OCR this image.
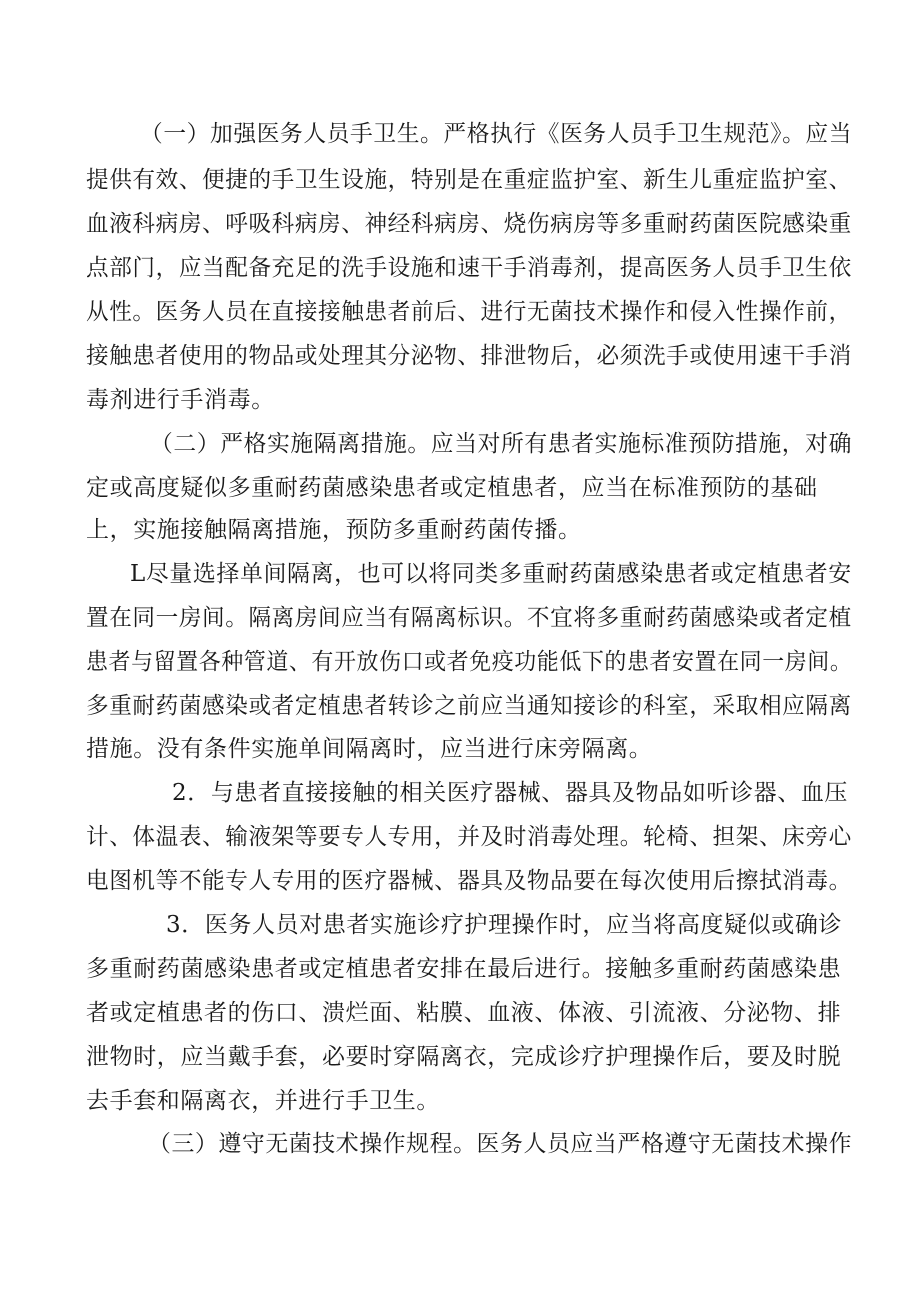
（一）加强医务人员手卫生。严格执行《医务人员手卫生规范》。应当
提供有效、便捷的手卫生设施，特别是在重症监护室、新生儿重症监护室、
血液科病房、呼吸科病房、神经科病房、烧伤病房等多重耐药菌医院感染重
点部门，应当配备充足的洗手设施和速干手消毒剂，提高医务人员手卫生依
从性。医务人员在直接接触患者前后、进行无菌技术操作和侵入性操作前，
接触患者使用的物品或处理其分泌物、排泄物后，必须洗手或使用速干手消
毒剂进行手消毒。
（二）严格实施隔离措施。应当对所有患者实施标准预防措施，对确
定或高度疑似多重耐药菌感染患者或定植患者，应当在标准预防的基础
上，实施接触隔离措施，预防多重耐药菌传播。
L尽量选择单间隔离，也可以将同类多重耐药菌感染患者或定植患者安
置在同一房间。隔离房间应当有隔离标识。不宜将多重耐药菌感染或者定植
患者与留置各种管道、有开放伤口或者免疫功能低下的患者安置在同一房间。
多重耐药菌感染或者定植患者转诊之前应当通知接诊的科室，采取相应隔离
措施。没有条件实施单间隔离时，应当进行床旁隔离。
2．与患者直接接触的相关医疗器械、器具及物品如听诊器、血压
计、体温表、输液架等要专人专用，并及时消毒处理。轮椅、担架、床旁心
电图机等不能专人专用的医疗器械、器具及物品要在每次使用后擦拭消毒。
3．医务人员对患者实施诊疗护理操作时，应当将高度疑似或确诊
多重耐药菌感染患者或定植患者安排在最后进行。接触多重耐药菌感染患
者或定植患者的伤口、溃烂面、粘膜、血液、体液、引流液、分泌物、排
泄物时，应当戴手套，必要时穿隔离衣，完成诊疗护理操作后，要及时脱
去手套和隔离衣，并进行手卫生。
（三）遵守无菌技术操作规程。医务人员应当严格遵守无菌技术操作
